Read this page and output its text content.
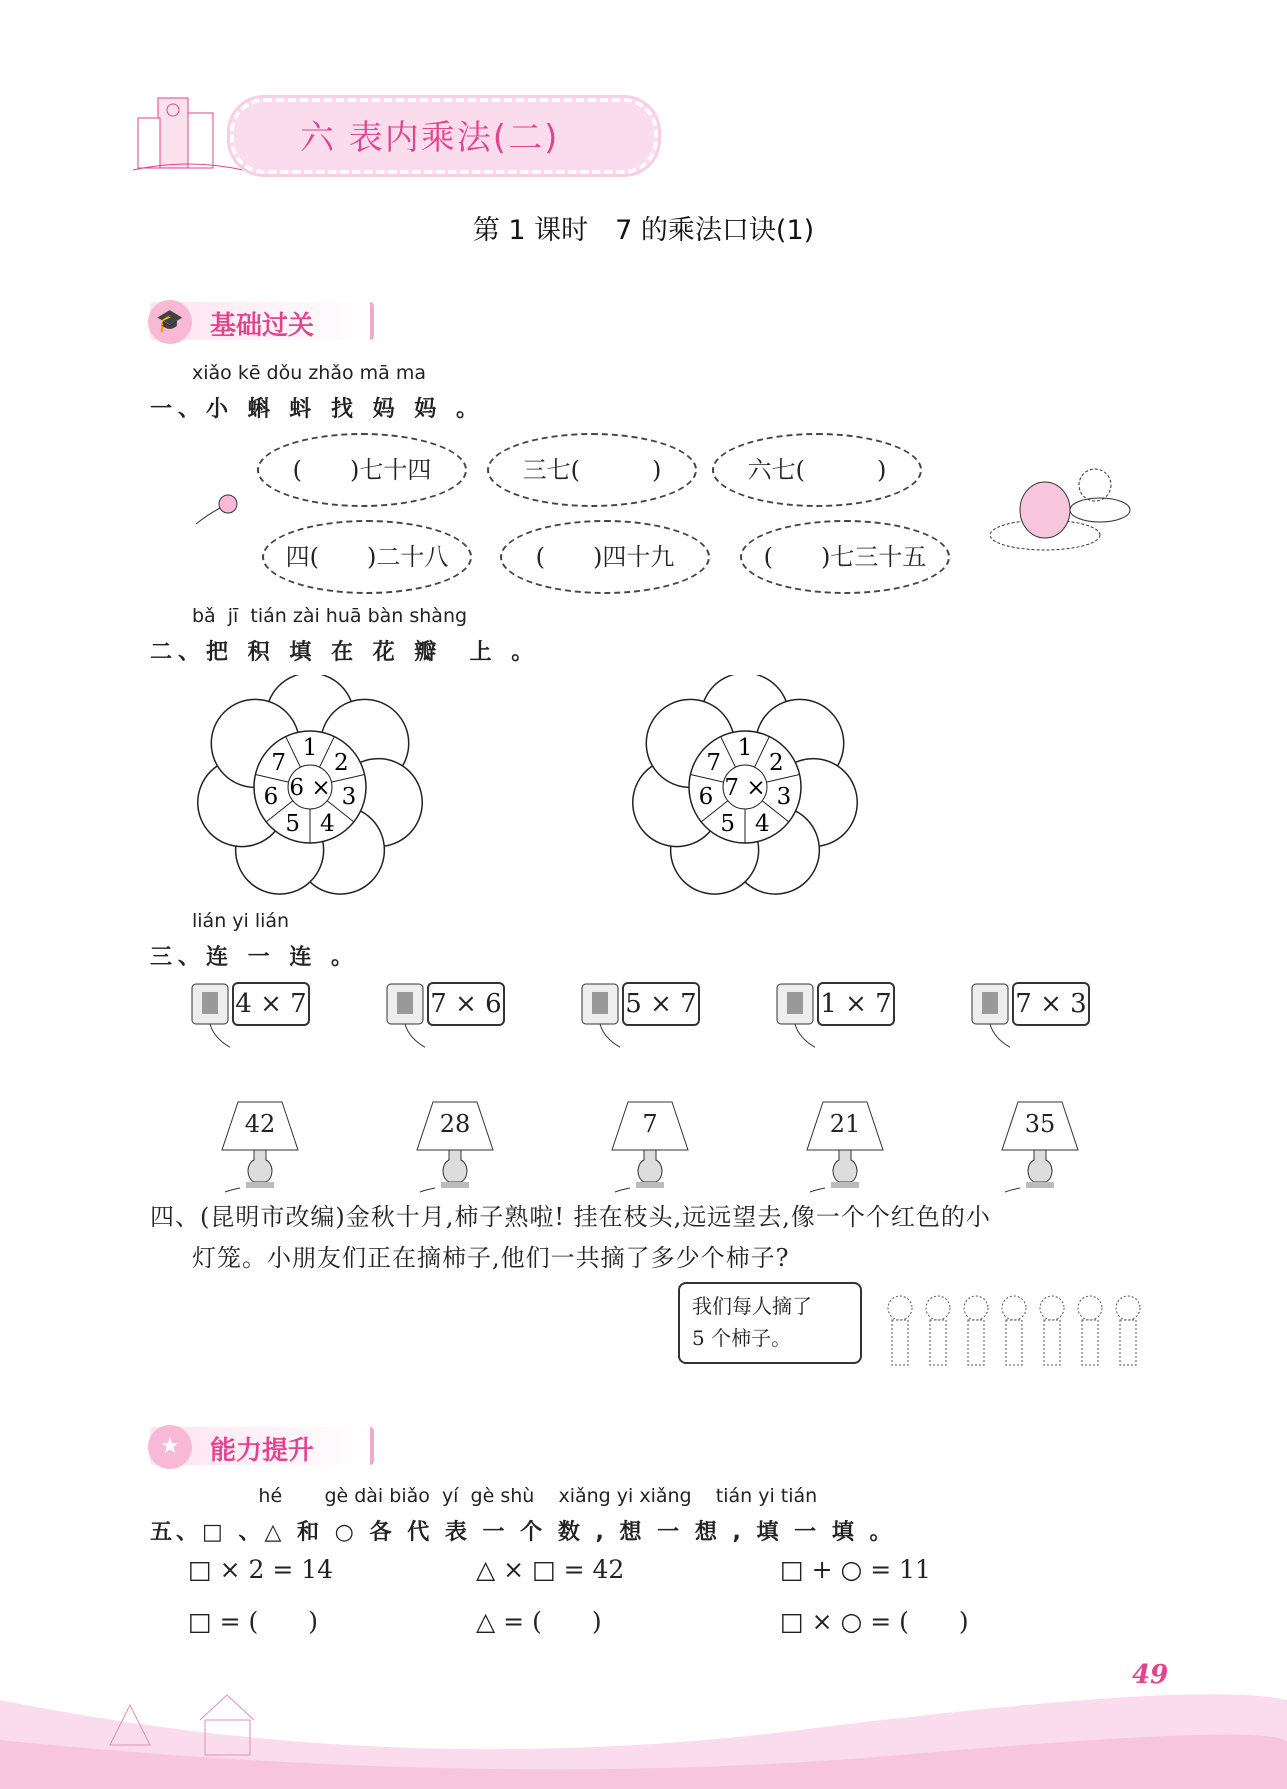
六 表内乘法(二)
第 1 课时　7 的乘法口诀(1)
🎓	基础过关
xiǎo kē dǒu zhǎo mā ma
一、小 蝌 蚪 找 妈 妈 。
(　　)七十四	三七(　　　)	六七(　　　)
四(　　)二十八	(　　)四十九	(　　)七三十五
bǎ  jī  tián zài huā bàn shàng
二、把 积 填 在 花 瓣  上 。
1
2
3
4
5
6
7
6 ×
1
2
3
4
5
6
7
7 ×
lián yi lián
三、连 一 连 。
4 × 7	7 × 6	5 × 7	1 × 7	7 × 3
42	28	7	21	35
四、(昆明市改编)金秋十月,柿子熟啦! 挂在枝头,远远望去,像一个个红色的小
灯笼。小朋友们正在摘柿子,他们一共摘了多少个柿子?
我们每人摘了
5 个柿子。
★	能力提升
hé       gè dài biǎo  yí  gè shù    xiǎng yi xiǎng    tián yi tián
五、□ 、△ 和 ○ 各 代 表 一 个 数 , 想 一 想 , 填 一 填 。
□ × 2 = 14	△ × □ = 42	□ + ○ = 11
□ = (　　)	△ = (　　)	□ × ○ = (　　)
49
